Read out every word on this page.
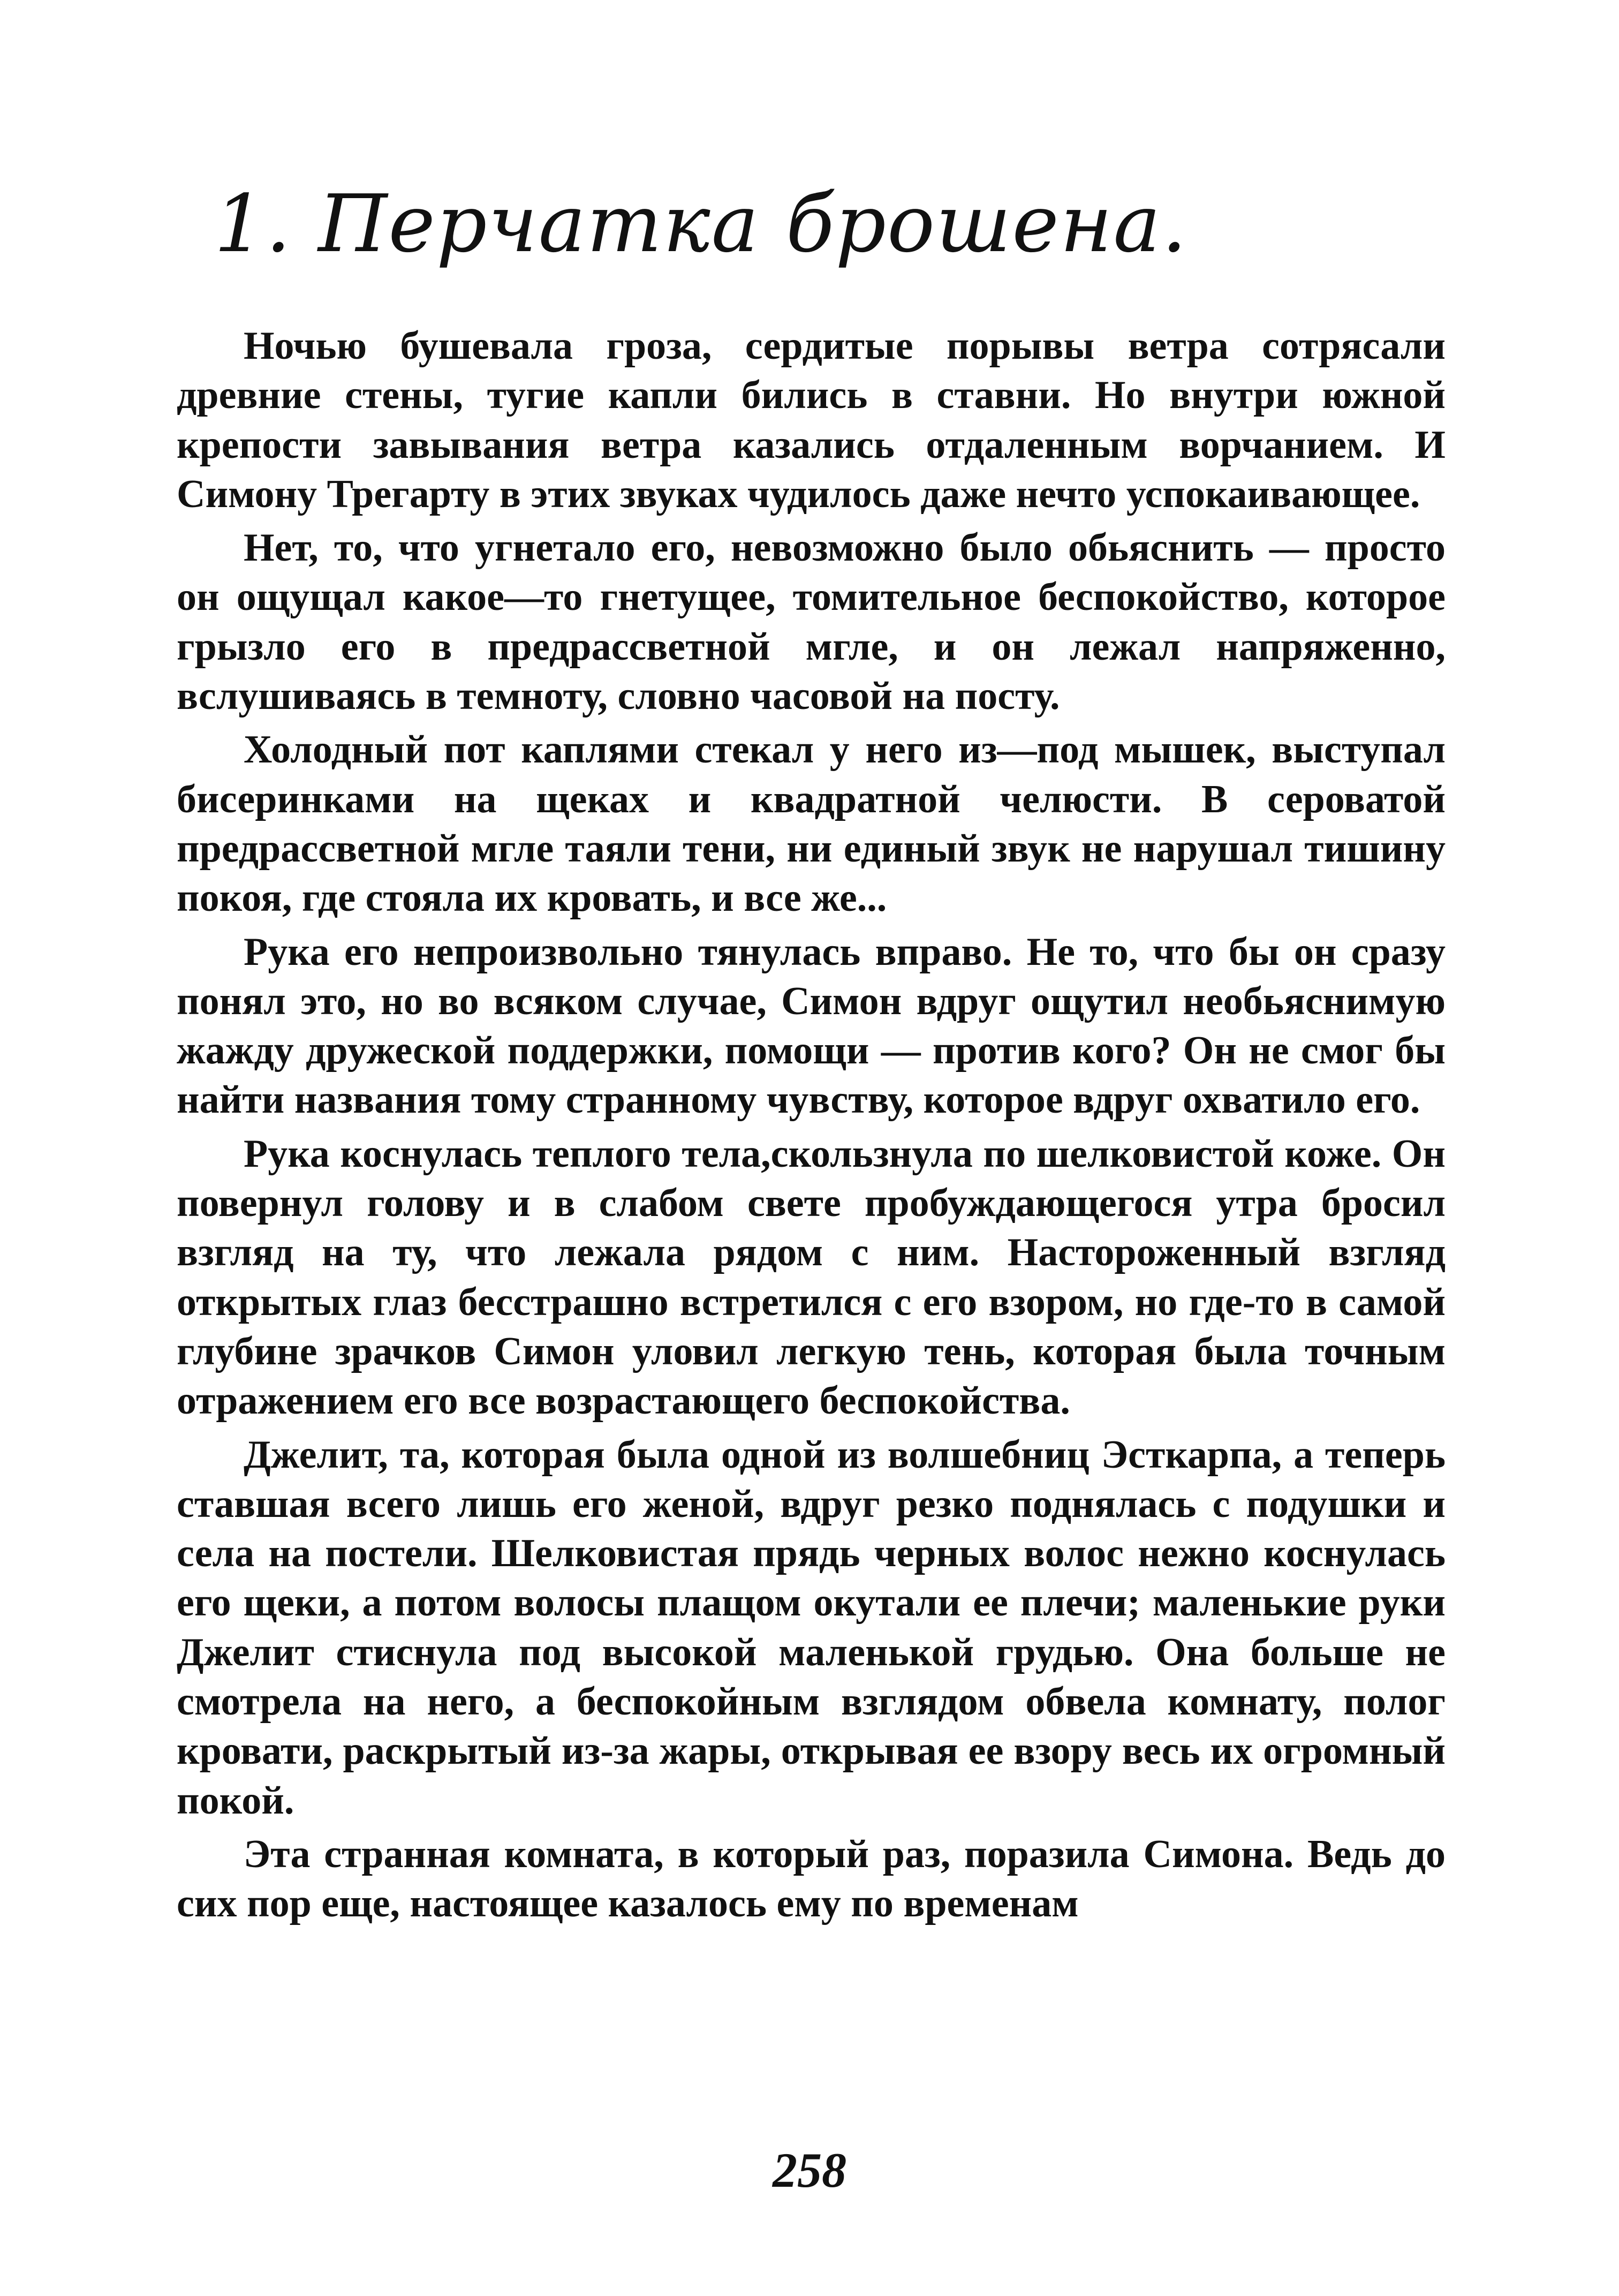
1. Перчатка брошена.

Ночью бушевала гроза, сердитые порывы ветра сотрясали древние стены, тугие капли бились в ставни. Но внутри южной крепости завывания ветра казались отдаленным ворчанием. И Симону Трегарту в этих звуках чудилось даже нечто успокаивающее.

Нет, то, что угнетало его, невозможно было обьяснить — просто он ощущал какое—то гнетущее, томительное беспокойство, которое грызло его в предрассветной мгле, и он лежал напряженно, вслушиваясь в темноту, словно часовой на посту.

Холодный пот каплями стекал у него из—под мышек, выступал бисеринками на щеках и квадратной челюсти. В сероватой предрассветной мгле таяли тени, ни единый звук не нарушал тишину покоя, где стояла их кровать, и все же...

Рука его непроизвольно тянулась вправо. Не то, что бы он сразу понял это, но во всяком случае, Симон вдруг ощутил необьяснимую жажду дружеской поддержки, помощи — против кого? Он не смог бы найти названия тому странному чувству, которое вдруг охватило его.

Рука коснулась теплого тела,скользнула по шелковистой коже. Он повернул голову и в слабом свете пробуждающегося утра бросил взгляд на ту, что лежала рядом с ним. Настороженный взгляд открытых глаз бесстрашно встретился с его взором, но где-то в самой глубине зрачков Симон уловил легкую тень, которая была точным отражением его все возрастающего беспокойства.

Джелит, та, которая была одной из волшебниц Эсткарпа, а теперь ставшая всего лишь его женой, вдруг резко поднялась с подушки и села на постели. Шелковистая прядь черных волос нежно коснулась его щеки, а потом волосы плащом окутали ее плечи; маленькие руки Джелит стиснула под высокой маленькой грудью. Она больше не смотрела на него, а беспокойным взглядом обвела комнату, полог кровати, раскрытый из-за жары, открывая ее взору весь их огромный покой.

Эта странная комната, в который раз, поразила Симона. Ведь до сих пор еще, настоящее казалось ему по временам

258
